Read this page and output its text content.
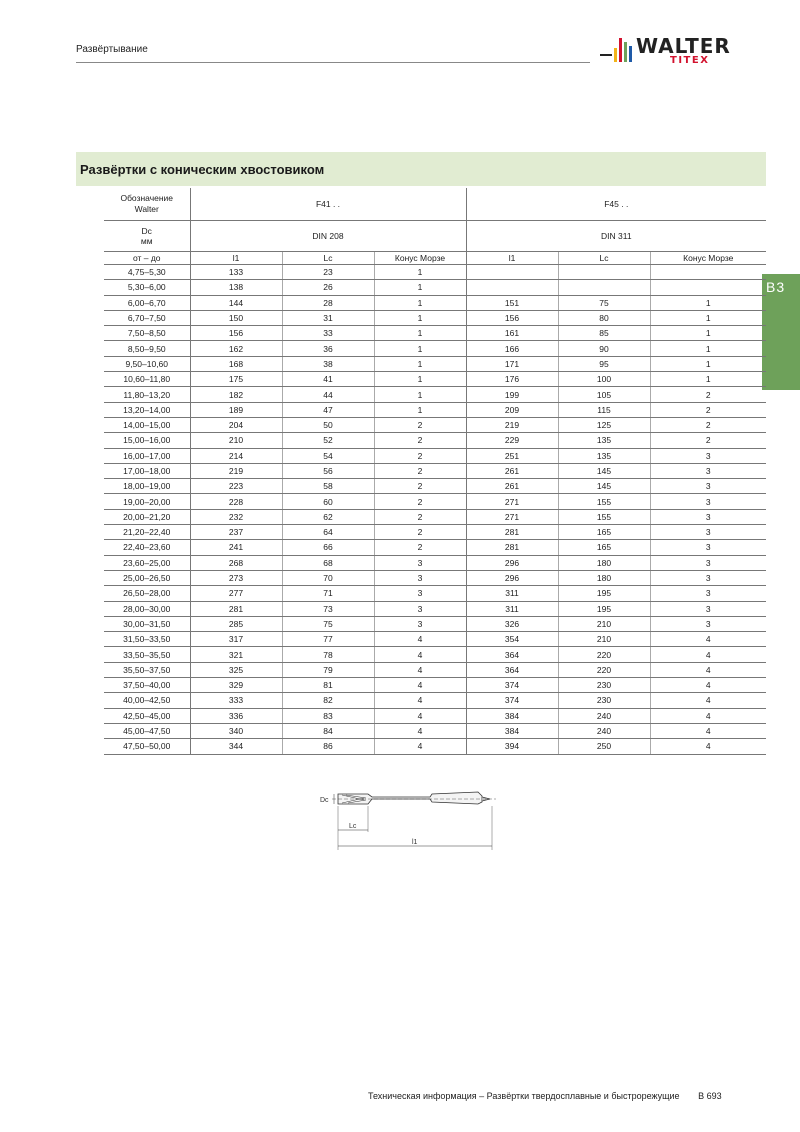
Развёртывание	WALTER
TITEX
Развёртки с коническим хвостовиком
B3
Обозначение Walter	F41 . .			F45 . .		
Dc
мм	DIN 208			DIN 311		
от – до	l1	Lc	Конус Морзе	l1	Lc	Конус Морзе
4,75–5,30	133	23	1			
5,30–6,00	138	26	1			
6,00–6,70	144	28	1	151	75	1
6,70–7,50	150	31	1	156	80	1
7,50–8,50	156	33	1	161	85	1
8,50–9,50	162	36	1	166	90	1
9,50–10,60	168	38	1	171	95	1
10,60–11,80	175	41	1	176	100	1
11,80–13,20	182	44	1	199	105	2
13,20–14,00	189	47	1	209	115	2
14,00–15,00	204	50	2	219	125	2
15,00–16,00	210	52	2	229	135	2
16,00–17,00	214	54	2	251	135	3
17,00–18,00	219	56	2	261	145	3
18,00–19,00	223	58	2	261	145	3
19,00–20,00	228	60	2	271	155	3
20,00–21,20	232	62	2	271	155	3
21,20–22,40	237	64	2	281	165	3
22,40–23,60	241	66	2	281	165	3
23,60–25,00	268	68	3	296	180	3
25,00–26,50	273	70	3	296	180	3
26,50–28,00	277	71	3	311	195	3
28,00–30,00	281	73	3	311	195	3
30,00–31,50	285	75	3	326	210	3
31,50–33,50	317	77	4	354	210	4
33,50–35,50	321	78	4	364	220	4
35,50–37,50	325	79	4	364	220	4
37,50–40,00	329	81	4	374	230	4
40,00–42,50	333	82	4	374	230	4
42,50–45,00	336	83	4	384	240	4
45,00–47,50	340	84	4	384	240	4
47,50–50,00	344	86	4	394	250	4
Dc
Lc
l1
Техническая информация – Развёртки твердосплавные и быстрорежущие B 693
